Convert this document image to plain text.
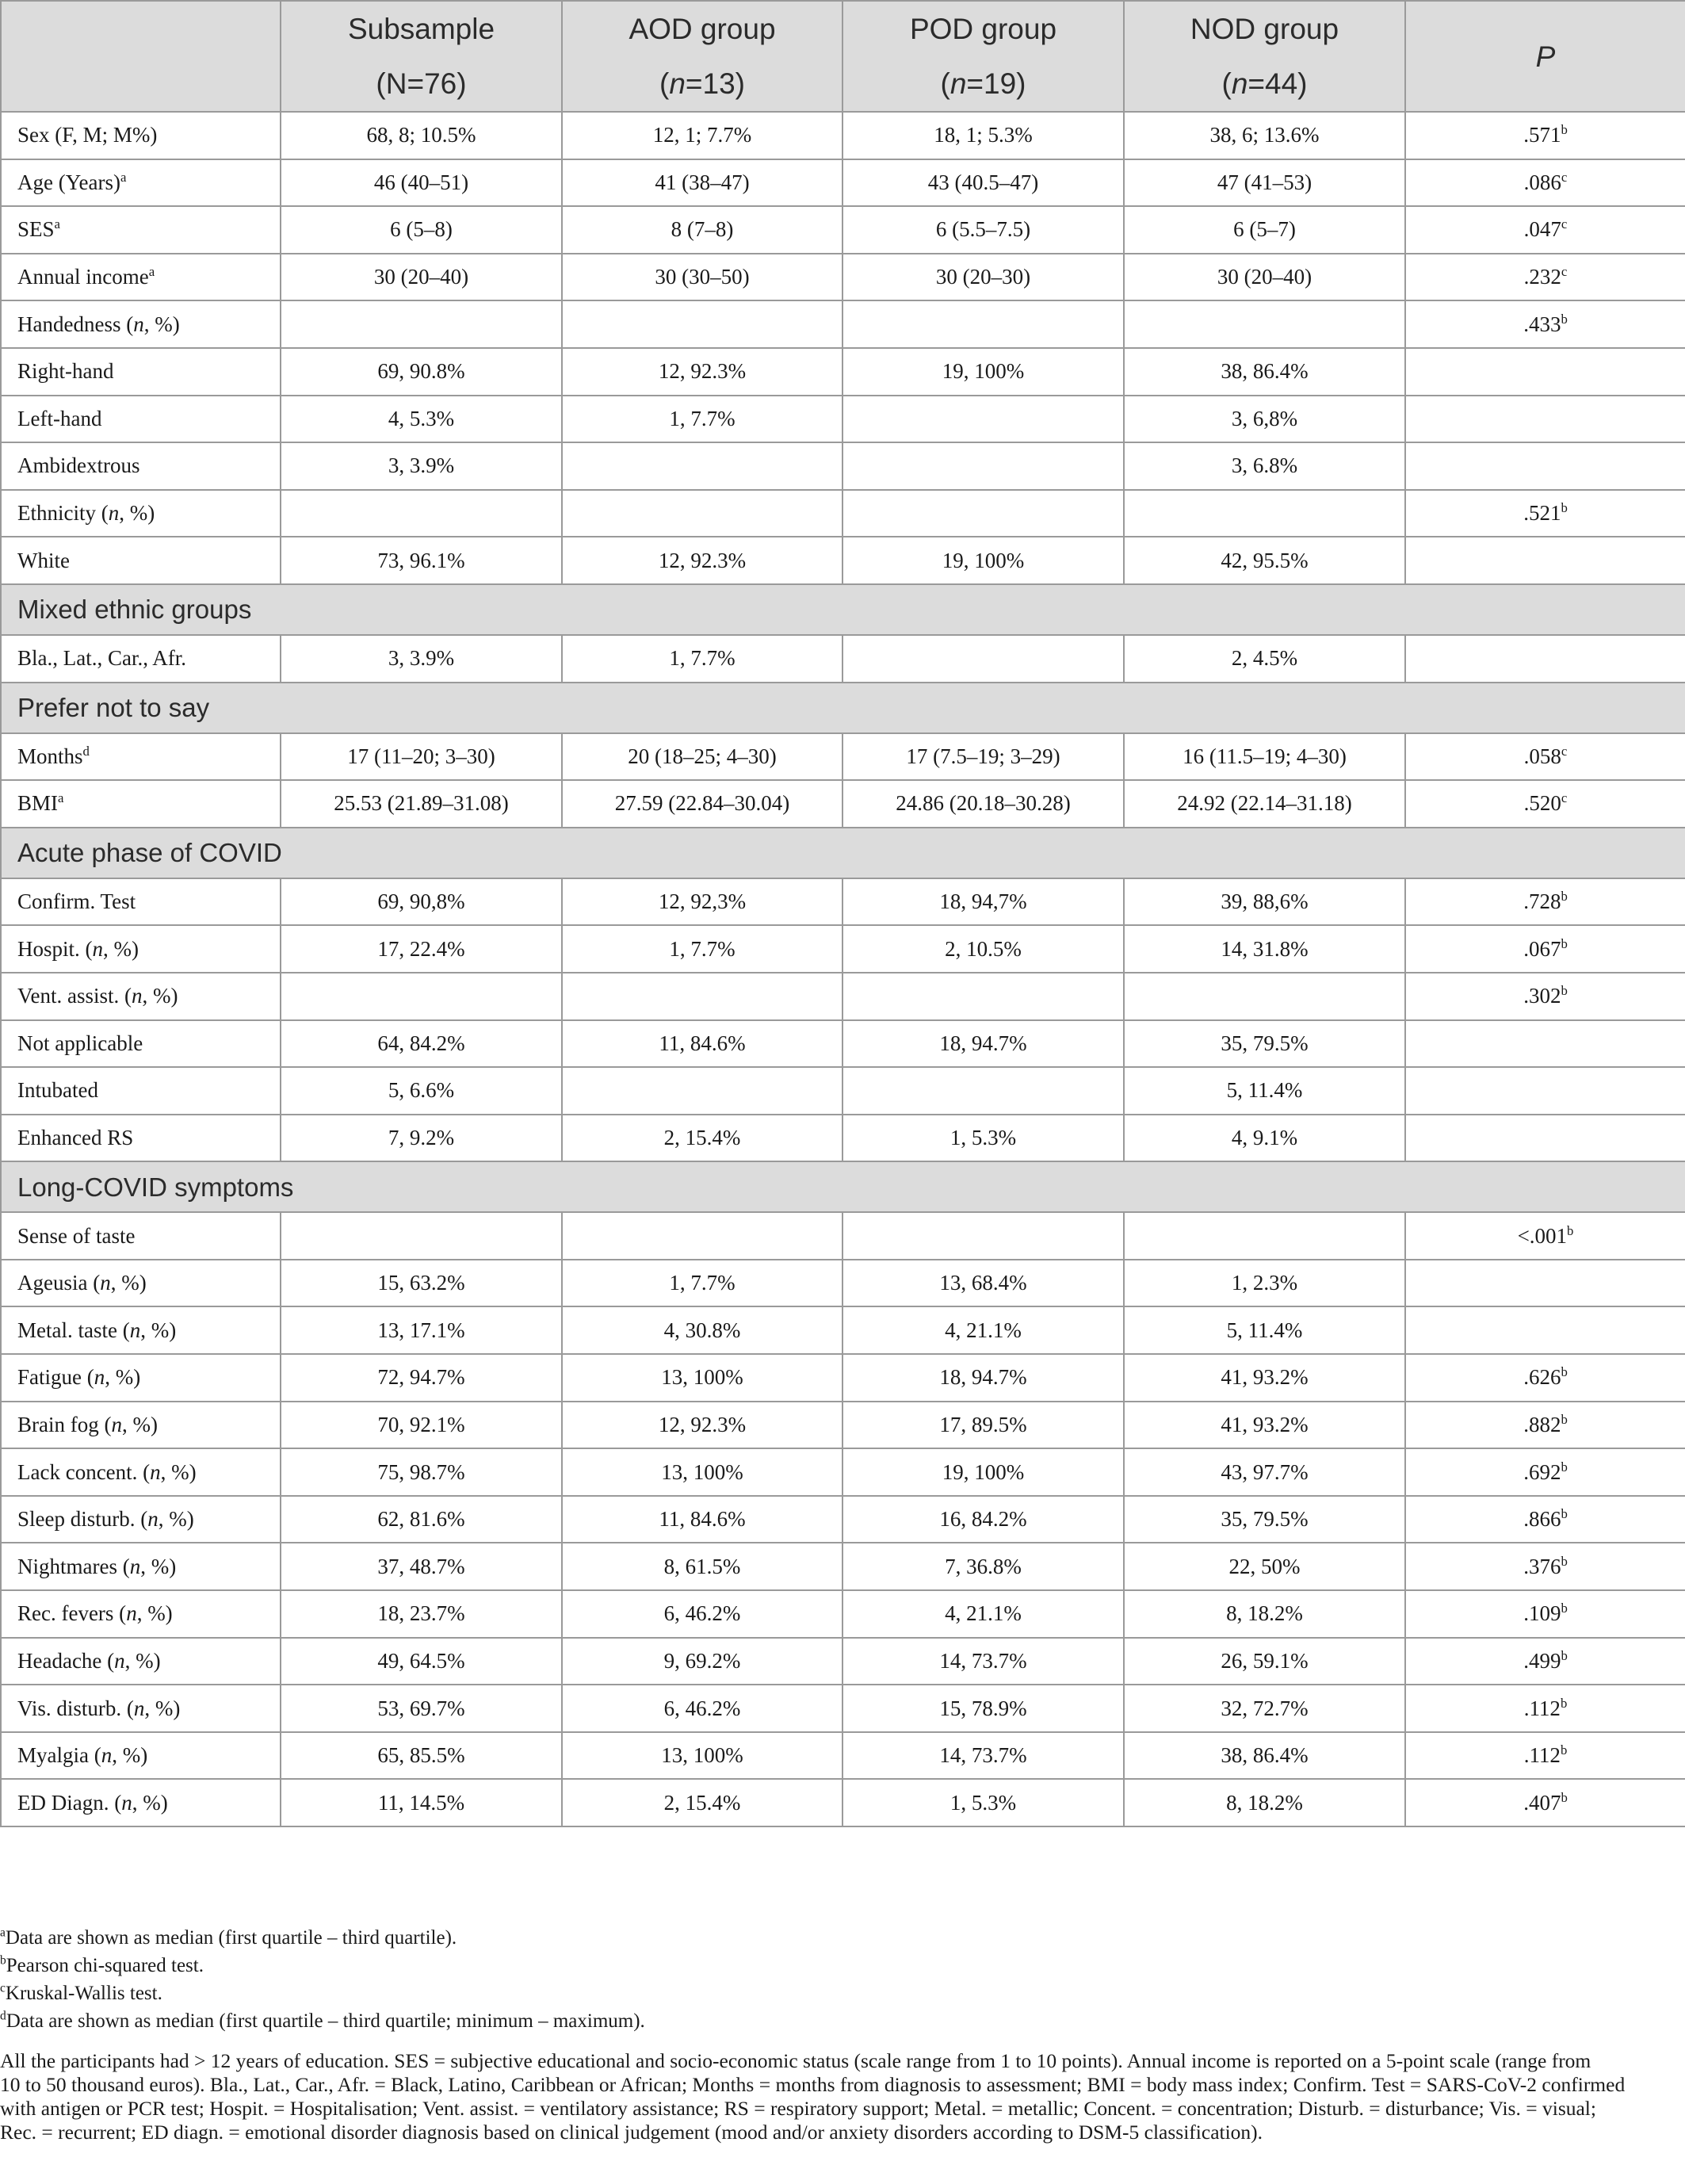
	Subsample	AOD group	POD group	NOD group	P
	(N=76)	(n=13)	(n=19)	(n=44)	
Sex (F, M; M%)	68, 8; 10.5%	12, 1; 7.7%	18, 1; 5.3%	38, 6; 13.6%	.571$^b$
Age (Years)$^a$	46 (40–51)	41 (38–47)	43 (40.5–47)	47 (41–53)	.086$^c$
SES$^a$	6 (5–8)	8 (7–8)	6 (5.5–7.5)	6 (5–7)	.047$^c$
Annual income$^a$	30 (20–40)	30 (30–50)	30 (20–30)	30 (20–40)	.232$^c$
Handedness (n, %)					.433$^b$
Right-hand	69, 90.8%	12, 92.3%	19, 100%	38, 86.4%	
Left-hand	4, 5.3%	1, 7.7%		3, 6,8%	
Ambidextrous	3, 3.9%			3, 6.8%	
Ethnicity (n, %)					.521$^b$
White	73, 96.1%	12, 92.3%	19, 100%	42, 95.5%	
Mixed ethnic groups					
Bla., Lat., Car., Afr.	3, 3.9%	1, 7.7%		2, 4.5%	
Prefer not to say					
Months$^d$	17 (11–20; 3–30)	20 (18–25; 4–30)	17 (7.5–19; 3–29)	16 (11.5–19; 4–30)	.058$^c$
BMI$^a$	25.53 (21.89–31.08)	27.59 (22.84–30.04)	24.86 (20.18–30.28)	24.92 (22.14–31.18)	.520$^c$
Acute phase of COVID					
Confirm. Test	69, 90,8%	12, 92,3%	18, 94,7%	39, 88,6%	.728$^b$
Hospit. (n, %)	17, 22.4%	1, 7.7%	2, 10.5%	14, 31.8%	.067$^b$
Vent. assist. (n, %)					.302$^b$
Not applicable	64, 84.2%	11, 84.6%	18, 94.7%	35, 79.5%	
Intubated	5, 6.6%			5, 11.4%	
Enhanced RS	7, 9.2%	2, 15.4%	1, 5.3%	4, 9.1%	
Long-COVID symptoms					
Sense of taste					<.001$^b$
Ageusia (n, %)	15, 63.2%	1, 7.7%	13, 68.4%	1, 2.3%	
Metal. taste (n, %)	13, 17.1%	4, 30.8%	4, 21.1%	5, 11.4%	
Fatigue (n, %)	72, 94.7%	13, 100%	18, 94.7%	41, 93.2%	.626$^b$
Brain fog (n, %)	70, 92.1%	12, 92.3%	17, 89.5%	41, 93.2%	.882$^b$
Lack concent. (n, %)	75, 98.7%	13, 100%	19, 100%	43, 97.7%	.692$^b$
Sleep disturb. (n, %)	62, 81.6%	11, 84.6%	16, 84.2%	35, 79.5%	.866$^b$
Nightmares (n, %)	37, 48.7%	8, 61.5%	7, 36.8%	22, 50%	.376$^b$
Rec. fevers (n, %)	18, 23.7%	6, 46.2%	4, 21.1%	8, 18.2%	.109$^b$
Headache (n, %)	49, 64.5%	9, 69.2%	14, 73.7%	26, 59.1%	.499$^b$
Vis. disturb. (n, %)	53, 69.7%	6, 46.2%	15, 78.9%	32, 72.7%	.112$^b$
Myalgia (n, %)	65, 85.5%	13, 100%	14, 73.7%	38, 86.4%	.112$^b$
ED Diagn. (n, %)	11, 14.5%	2, 15.4%	1, 5.3%	8, 18.2%	.407$^b$
$^a$Data are shown as median (first quartile – third quartile).
$^b$Pearson chi-squared test.
$^c$Kruskal-Wallis test.
$^d$Data are shown as median (first quartile – third quartile; minimum – maximum).

All the participants had > 12 years of education. SES = subjective educational and socio-economic status (scale range from 1 to 10 points). Annual income is reported on a 5-point scale (range from

10 to 50 thousand euros). Bla., Lat., Car., Afr. = Black, Latino, Caribbean or African; Months = months from diagnosis to assessment; BMI = body mass index; Confirm. Test = SARS-CoV-2 confirmed

with antigen or PCR test; Hospit. = Hospitalisation; Vent. assist. = ventilatory assistance; RS = respiratory support; Metal. = metallic; Concent. = concentration; Disturb. = disturbance; Vis. = visual;

Rec. = recurrent; ED diagn. = emotional disorder diagnosis based on clinical judgement (mood and/or anxiety disorders according to DSM-5 classification).
